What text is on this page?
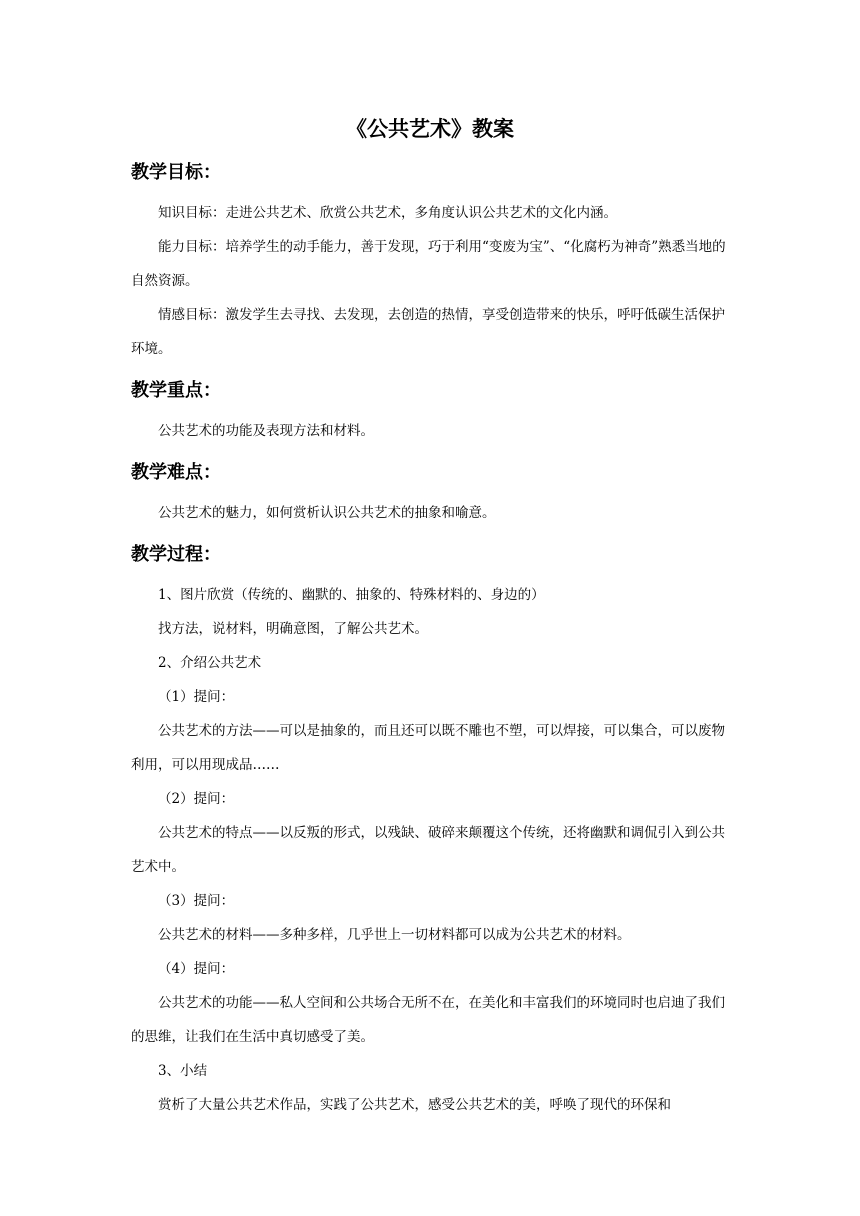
《公共艺术》教案
教学目标：

知识目标：走进公共艺术、欣赏公共艺术，多角度认识公共艺术的文化内涵。

能力目标：培养学生的动手能力，善于发现，巧于利用“变废为宝”、“化腐朽为神奇”熟悉当地的自然资源。

情感目标：激发学生去寻找、去发现，去创造的热情，享受创造带来的快乐，呼吁低碳生活保护环境。

教学重点：

公共艺术的功能及表现方法和材料。

教学难点：

公共艺术的魅力，如何赏析认识公共艺术的抽象和喻意。

教学过程：

1、图片欣赏（传统的、幽默的、抽象的、特殊材料的、身边的）

找方法，说材料，明确意图，了解公共艺术。

2、介绍公共艺术

（1）提问：

公共艺术的方法——可以是抽象的，而且还可以既不雕也不塑，可以焊接，可以集合，可以废物利用，可以用现成品……

（2）提问：

公共艺术的特点——以反叛的形式，以残缺、破碎来颠覆这个传统，还将幽默和调侃引入到公共艺术中。

（3）提问：

公共艺术的材料——多种多样，几乎世上一切材料都可以成为公共艺术的材料。

（4）提问：

公共艺术的功能——私人空间和公共场合无所不在，在美化和丰富我们的环境同时也启迪了我们的思维，让我们在生活中真切感受了美。

3、小结

赏析了大量公共艺术作品，实践了公共艺术，感受公共艺术的美，呼唤了现代的环保和
